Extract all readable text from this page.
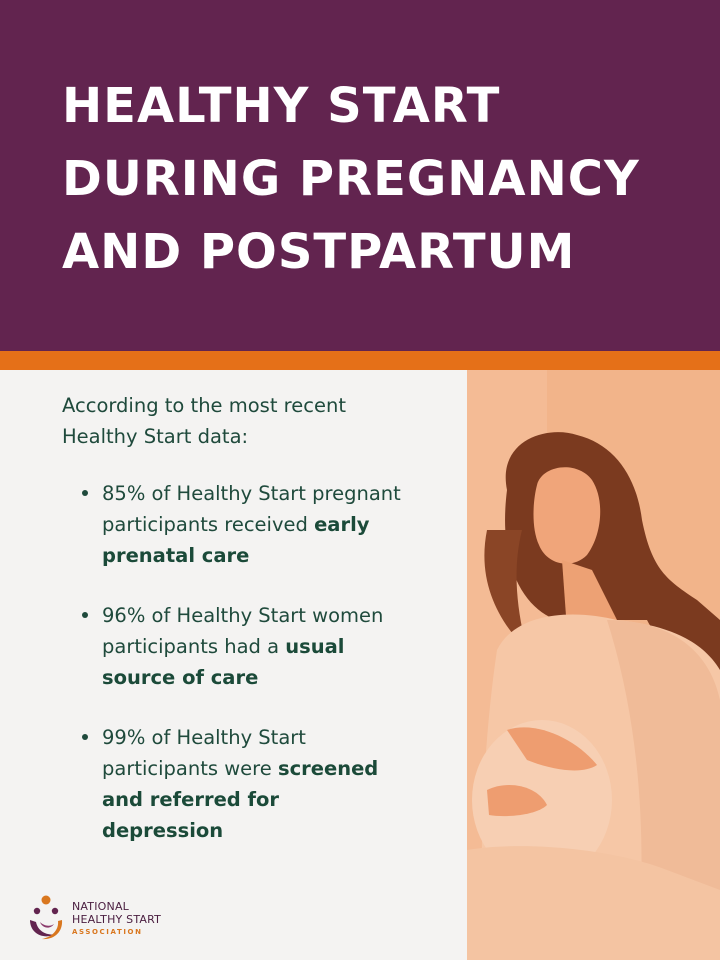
HEALTHY START
DURING PREGNANCY
AND POSTPARTUM

According to the most recent
Healthy Start data:

85% of Healthy Start pregnant
participants received early
prenatal care
96% of Healthy Start women
participants had a usual
source of care
99% of Healthy Start
participants were screened
and referred for
depression
NATIONAL
HEALTHY START
ASSOCIATION
